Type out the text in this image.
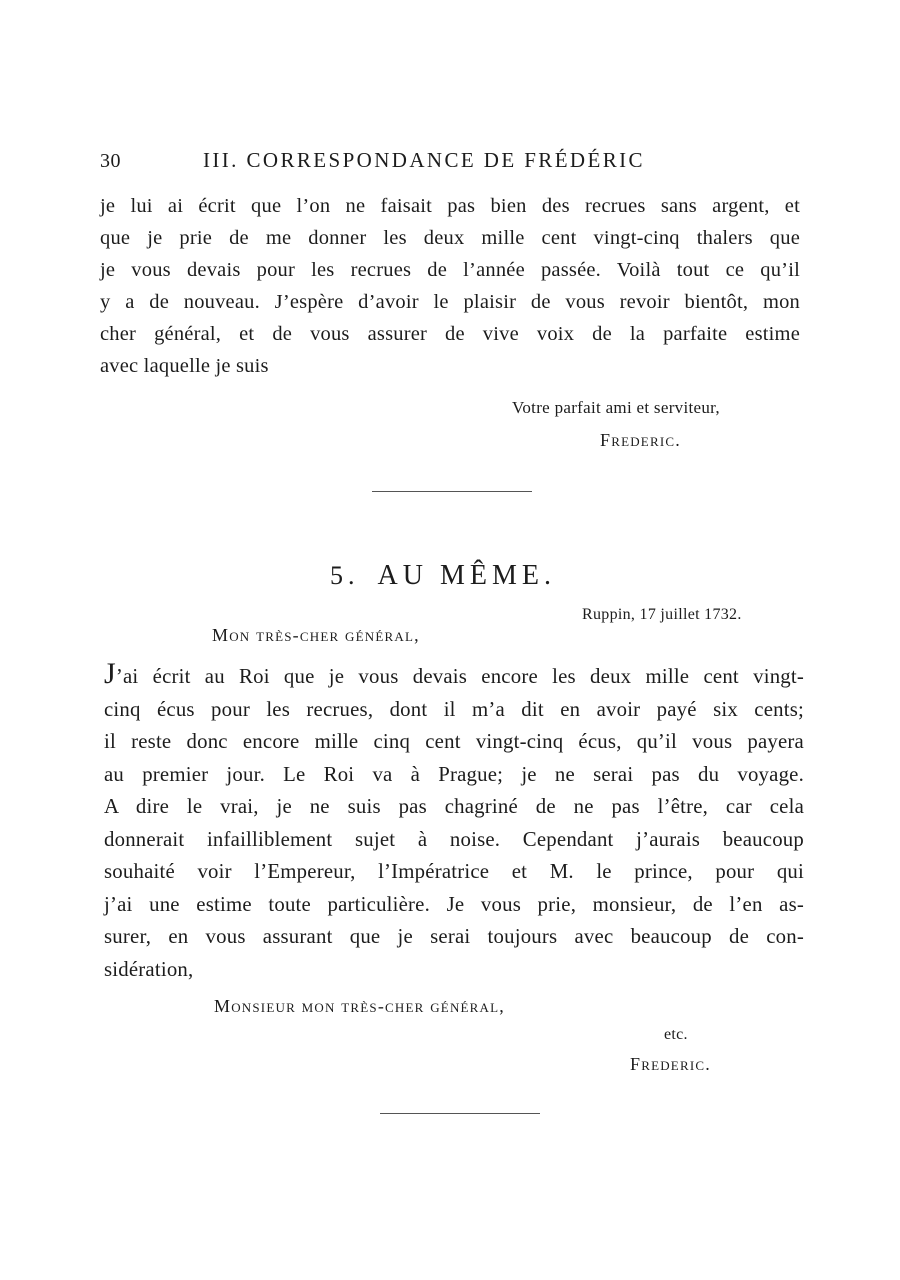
30	III. CORRESPONDANCE DE FRÉDÉRIC
je lui ai écrit que l’on ne faisait pas bien des recrues sans argent, et
que je prie de me donner les deux mille cent vingt-cinq thalers que
je vous devais pour les recrues de l’année passée. Voilà tout ce qu’il
y a de nouveau. J’espère d’avoir le plaisir de vous revoir bientôt, mon
cher général, et de vous assurer de vive voix de la parfaite estime
avec laquelle je suis
Votre parfait ami et serviteur,
Frederic.
5. AU MÊME.
Ruppin, 17 juillet 1732.
Mon très-cher général,
J’ai écrit au Roi que je vous devais encore les deux mille cent vingt-
cinq écus pour les recrues, dont il m’a dit en avoir payé six cents;
il reste donc encore mille cinq cent vingt-cinq écus, qu’il vous payera
au premier jour. Le Roi va à Prague; je ne serai pas du voyage.
A dire le vrai, je ne suis pas chagriné de ne pas l’être, car cela
donnerait infailliblement sujet à noise. Cependant j’aurais beaucoup
souhaité voir l’Empereur, l’Impératrice et M. le prince, pour qui
j’ai une estime toute particulière. Je vous prie, monsieur, de l’en as-
surer, en vous assurant que je serai toujours avec beaucoup de con-
sidération,
Monsieur mon très-cher général,
etc.
Frederic.
